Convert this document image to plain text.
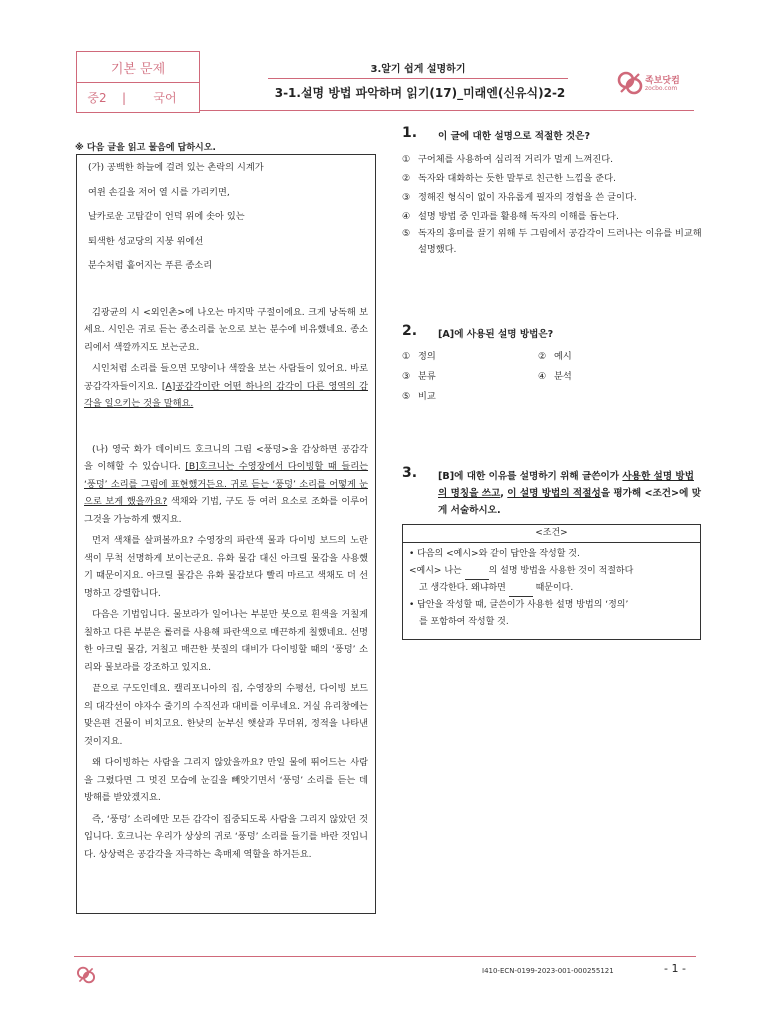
기본 문제
중2	|	국어
3.알기 쉽게 설명하기
3-1.설명 방법 파악하며 읽기(17)_미래엔(신유식)2-2
족보닷컴
zocbo.com
※ 다음 글을 읽고 물음에 답하시오.

(가) 공백한 하늘에 걸려 있는 촌락의 시계가

여윈 손길을 저어 열 시를 가리키면,

날카로운 고탑같이 언덕 위에 솟아 있는

퇴색한 성교당의 지붕 위에선

분수처럼 흩어지는 푸른 종소리

김광균의 시 <외인촌>에 나오는 마지막 구절이에요. 크게 낭독해 보세요. 시인은 귀로 듣는 종소리를 눈으로 보는 분수에 비유했네요. 종소리에서 색깔까지도 보는군요.

시인처럼 소리를 들으면 모양이나 색깔을 보는 사람들이 있어요. 바로 공감각자들이지요. [A]공감각이란 어떤 하나의 감각이 다른 영역의 감각을 일으키는 것을 말해요.

(나) 영국 화가 데이비드 호크니의 그림 <풍덩>을 감상하면 공감각을 이해할 수 있습니다. [B]호크니는 수영장에서 다이빙할 때 들리는 ‘풍덩’ 소리를 그림에 표현했거든요. 귀로 듣는 ‘풍덩’ 소리를 어떻게 눈으로 보게 했을까요? 색채와 기법, 구도 등 여러 요소로 조화를 이루어 그것을 가능하게 했지요.

먼저 색채를 살펴볼까요? 수영장의 파란색 물과 다이빙 보드의 노란색이 무척 선명하게 보이는군요. 유화 물감 대신 아크릴 물감을 사용했기 때문이지요. 아크릴 물감은 유화 물감보다 빨리 마르고 색채도 더 선명하고 강렬합니다.

다음은 기법입니다. 물보라가 일어나는 부분만 붓으로 흰색을 거칠게 칠하고 다른 부분은 롤러를 사용해 파란색으로 매끈하게 칠했네요. 선명한 아크릴 물감, 거칠고 매끈한 붓질의 대비가 다이빙할 때의 ‘풍덩’ 소리와 물보라를 강조하고 있지요.

끝으로 구도인데요. 캘리포니아의 집, 수영장의 수평선, 다이빙 보드의 대각선이 야자수 줄기의 수직선과 대비를 이루네요. 거실 유리창에는 맞은편 건물이 비치고요. 한낮의 눈부신 햇살과 무더위, 정적을 나타낸 것이지요.

왜 다이빙하는 사람을 그리지 않았을까요? 만일 물에 뛰어드는 사람을 그렸다면 그 멋진 모습에 눈길을 빼앗기면서 ‘풍덩’ 소리를 듣는 데 방해를 받았겠지요.

즉, ‘풍덩’ 소리에만 모든 감각이 집중되도록 사람을 그리지 않았던 것입니다. 호크니는 우리가 상상의 귀로 ‘풍덩’ 소리를 들기를 바란 것입니다. 상상력은 공감각을 자극하는 촉매제 역할을 하거든요.

1. 이 글에 대한 설명으로 적절한 것은?
① 구어체를 사용하여 심리적 거리가 멀게 느껴진다.
② 독자와 대화하는 듯한 말투로 친근한 느낌을 준다.
③ 정해진 형식이 없이 자유롭게 필자의 경험을 쓴 글이다.
④ 설명 방법 중 인과를 활용해 독자의 이해를 돕는다.
⑤ 독자의 흥미를 끌기 위해 두 그림에서 공감각이 드러나는 이유를 비교해 설명했다.
2. [A]에 사용된 설명 방법은?
① 정의	② 예시
③ 분류	④ 분석
⑤ 비교
3. [B]에 대한 이유를 설명하기 위해 글쓴이가 사용한 설명 방법의 명칭을 쓰고, 이 설명 방법의 적절성을 평가해 <조건>에 맞게 서술하시오.
<조건>
• 다음의 <예시>와 같이 답안을 작성할 것.
<예시> 나는	의 설명 방법을 사용한 것이 적절하다
고 생각한다. 왜냐하면	때문이다.
• 답안을 작성할 때, 글쓴이가 사용한 설명 방법의 ‘정의’
를 포함하여 작성할 것.
I410-ECN-0199-2023-001-000255121	- 1 -
